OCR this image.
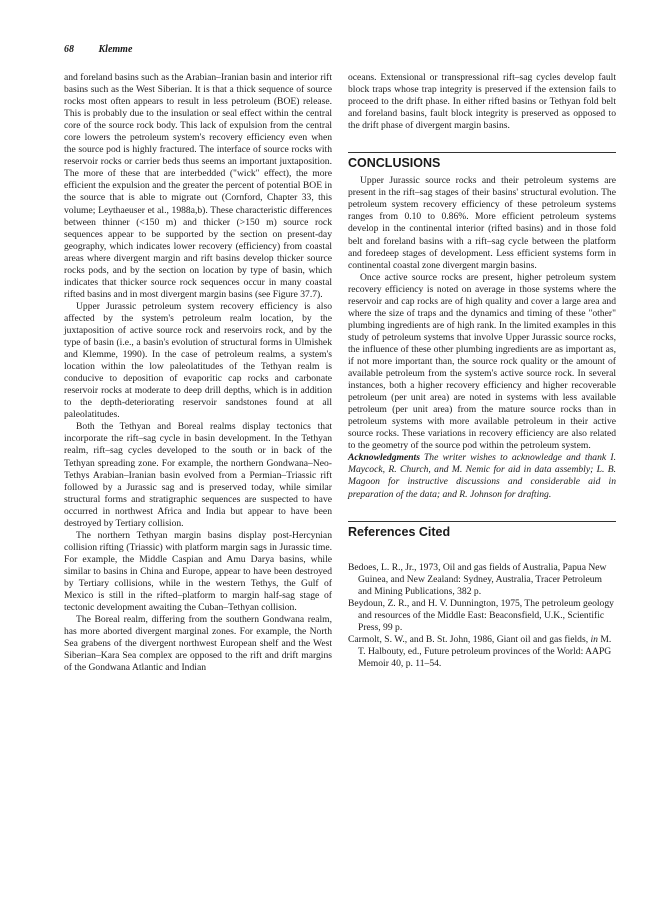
68 Klemme

and foreland basins such as the Arabian–Iranian basin and interior rift basins such as the West Siberian. It is that a thick sequence of source rocks most often appears to result in less petroleum (BOE) release. This is probably due to the insulation or seal effect within the central core of the source rock body. This lack of expulsion from the central core lowers the petroleum system's recovery efficiency even when the source pod is highly fractured. The interface of source rocks with reservoir rocks or carrier beds thus seems an important juxtaposition. The more of these that are interbedded ("wick" effect), the more efficient the expulsion and the greater the percent of potential BOE in the source that is able to migrate out (Cornford, Chapter 33, this volume; Leythaeuser et al., 1988a,b). These characteristic differences between thinner (<150 m) and thicker (>150 m) source rock sequences appear to be supported by the section on present-day geography, which indicates lower recovery (efficiency) from coastal areas where divergent margin and rift basins develop thicker source rocks pods, and by the section on location by type of basin, which indicates that thicker source rock sequences occur in many coastal rifted basins and in most divergent margin basins (see Figure 37.7).

Upper Jurassic petroleum system recovery efficiency is also affected by the system's petroleum realm location, by the juxtaposition of active source rock and reservoirs rock, and by the type of basin (i.e., a basin's evolution of structural forms in Ulmishek and Klemme, 1990). In the case of petroleum realms, a system's location within the low paleolatitudes of the Tethyan realm is conducive to deposition of evaporitic cap rocks and carbonate reservoir rocks at moderate to deep drill depths, which is in addition to the depth-deteriorating reservoir sandstones found at all paleolatitudes.

Both the Tethyan and Boreal realms display tectonics that incorporate the rift–sag cycle in basin development. In the Tethyan realm, rift–sag cycles developed to the south or in back of the Tethyan spreading zone. For example, the northern Gondwana–Neo-Tethys Arabian–Iranian basin evolved from a Permian–Triassic rift followed by a Jurassic sag and is preserved today, while similar structural forms and stratigraphic sequences are suspected to have occurred in northwest Africa and India but appear to have been destroyed by Tertiary collision.

The northern Tethyan margin basins display post-Hercynian collision rifting (Triassic) with platform margin sags in Jurassic time. For example, the Middle Caspian and Amu Darya basins, while similar to basins in China and Europe, appear to have been destroyed by Tertiary collisions, while in the western Tethys, the Gulf of Mexico is still in the rifted–platform to margin half-sag stage of tectonic development awaiting the Cuban–Tethyan collision.

The Boreal realm, differing from the southern Gondwana realm, has more aborted divergent marginal zones. For example, the North Sea grabens of the divergent northwest European shelf and the West Siberian–Kara Sea complex are opposed to the rift and drift margins of the Gondwana Atlantic and Indian

oceans. Extensional or transpressional rift–sag cycles develop fault block traps whose trap integrity is preserved if the extension fails to proceed to the drift phase. In either rifted basins or Tethyan fold belt and foreland basins, fault block integrity is preserved as opposed to the drift phase of divergent margin basins.

CONCLUSIONS

Upper Jurassic source rocks and their petroleum systems are present in the rift–sag stages of their basins' structural evolution. The petroleum system recovery efficiency of these petroleum systems ranges from 0.10 to 0.86%. More efficient petroleum systems develop in the continental interior (rifted basins) and in those fold belt and foreland basins with a rift–sag cycle between the platform and foredeep stages of development. Less efficient systems form in continental coastal zone divergent margin basins.

Once active source rocks are present, higher petroleum system recovery efficiency is noted on average in those systems where the reservoir and cap rocks are of high quality and cover a large area and where the size of traps and the dynamics and timing of these "other" plumbing ingredients are of high rank. In the limited examples in this study of petroleum systems that involve Upper Jurassic source rocks, the influence of these other plumbing ingredients are as important as, if not more important than, the source rock quality or the amount of available petroleum from the system's active source rock. In several instances, both a higher recovery efficiency and higher recoverable petroleum (per unit area) are noted in systems with less available petroleum (per unit area) from the mature source rocks than in petroleum systems with more available petroleum in their active source rocks. These variations in recovery efficiency are also related to the geometry of the source pod within the petroleum system.

Acknowledgments The writer wishes to acknowledge and thank I. Maycock, R. Church, and M. Nemic for aid in data assembly; L. B. Magoon for instructive discussions and considerable aid in preparation of the data; and R. Johnson for drafting.

References Cited

Bedoes, L. R., Jr., 1973, Oil and gas fields of Australia, Papua New Guinea, and New Zealand: Sydney, Australia, Tracer Petroleum and Mining Publications, 382 p.

Beydoun, Z. R., and H. V. Dunnington, 1975, The petroleum geology and resources of the Middle East: Beaconsfield, U.K., Scientific Press, 99 p.

Carmolt, S. W., and B. St. John, 1986, Giant oil and gas fields, in M. T. Halbouty, ed., Future petroleum provinces of the World: AAPG Memoir 40, p. 11–54.
